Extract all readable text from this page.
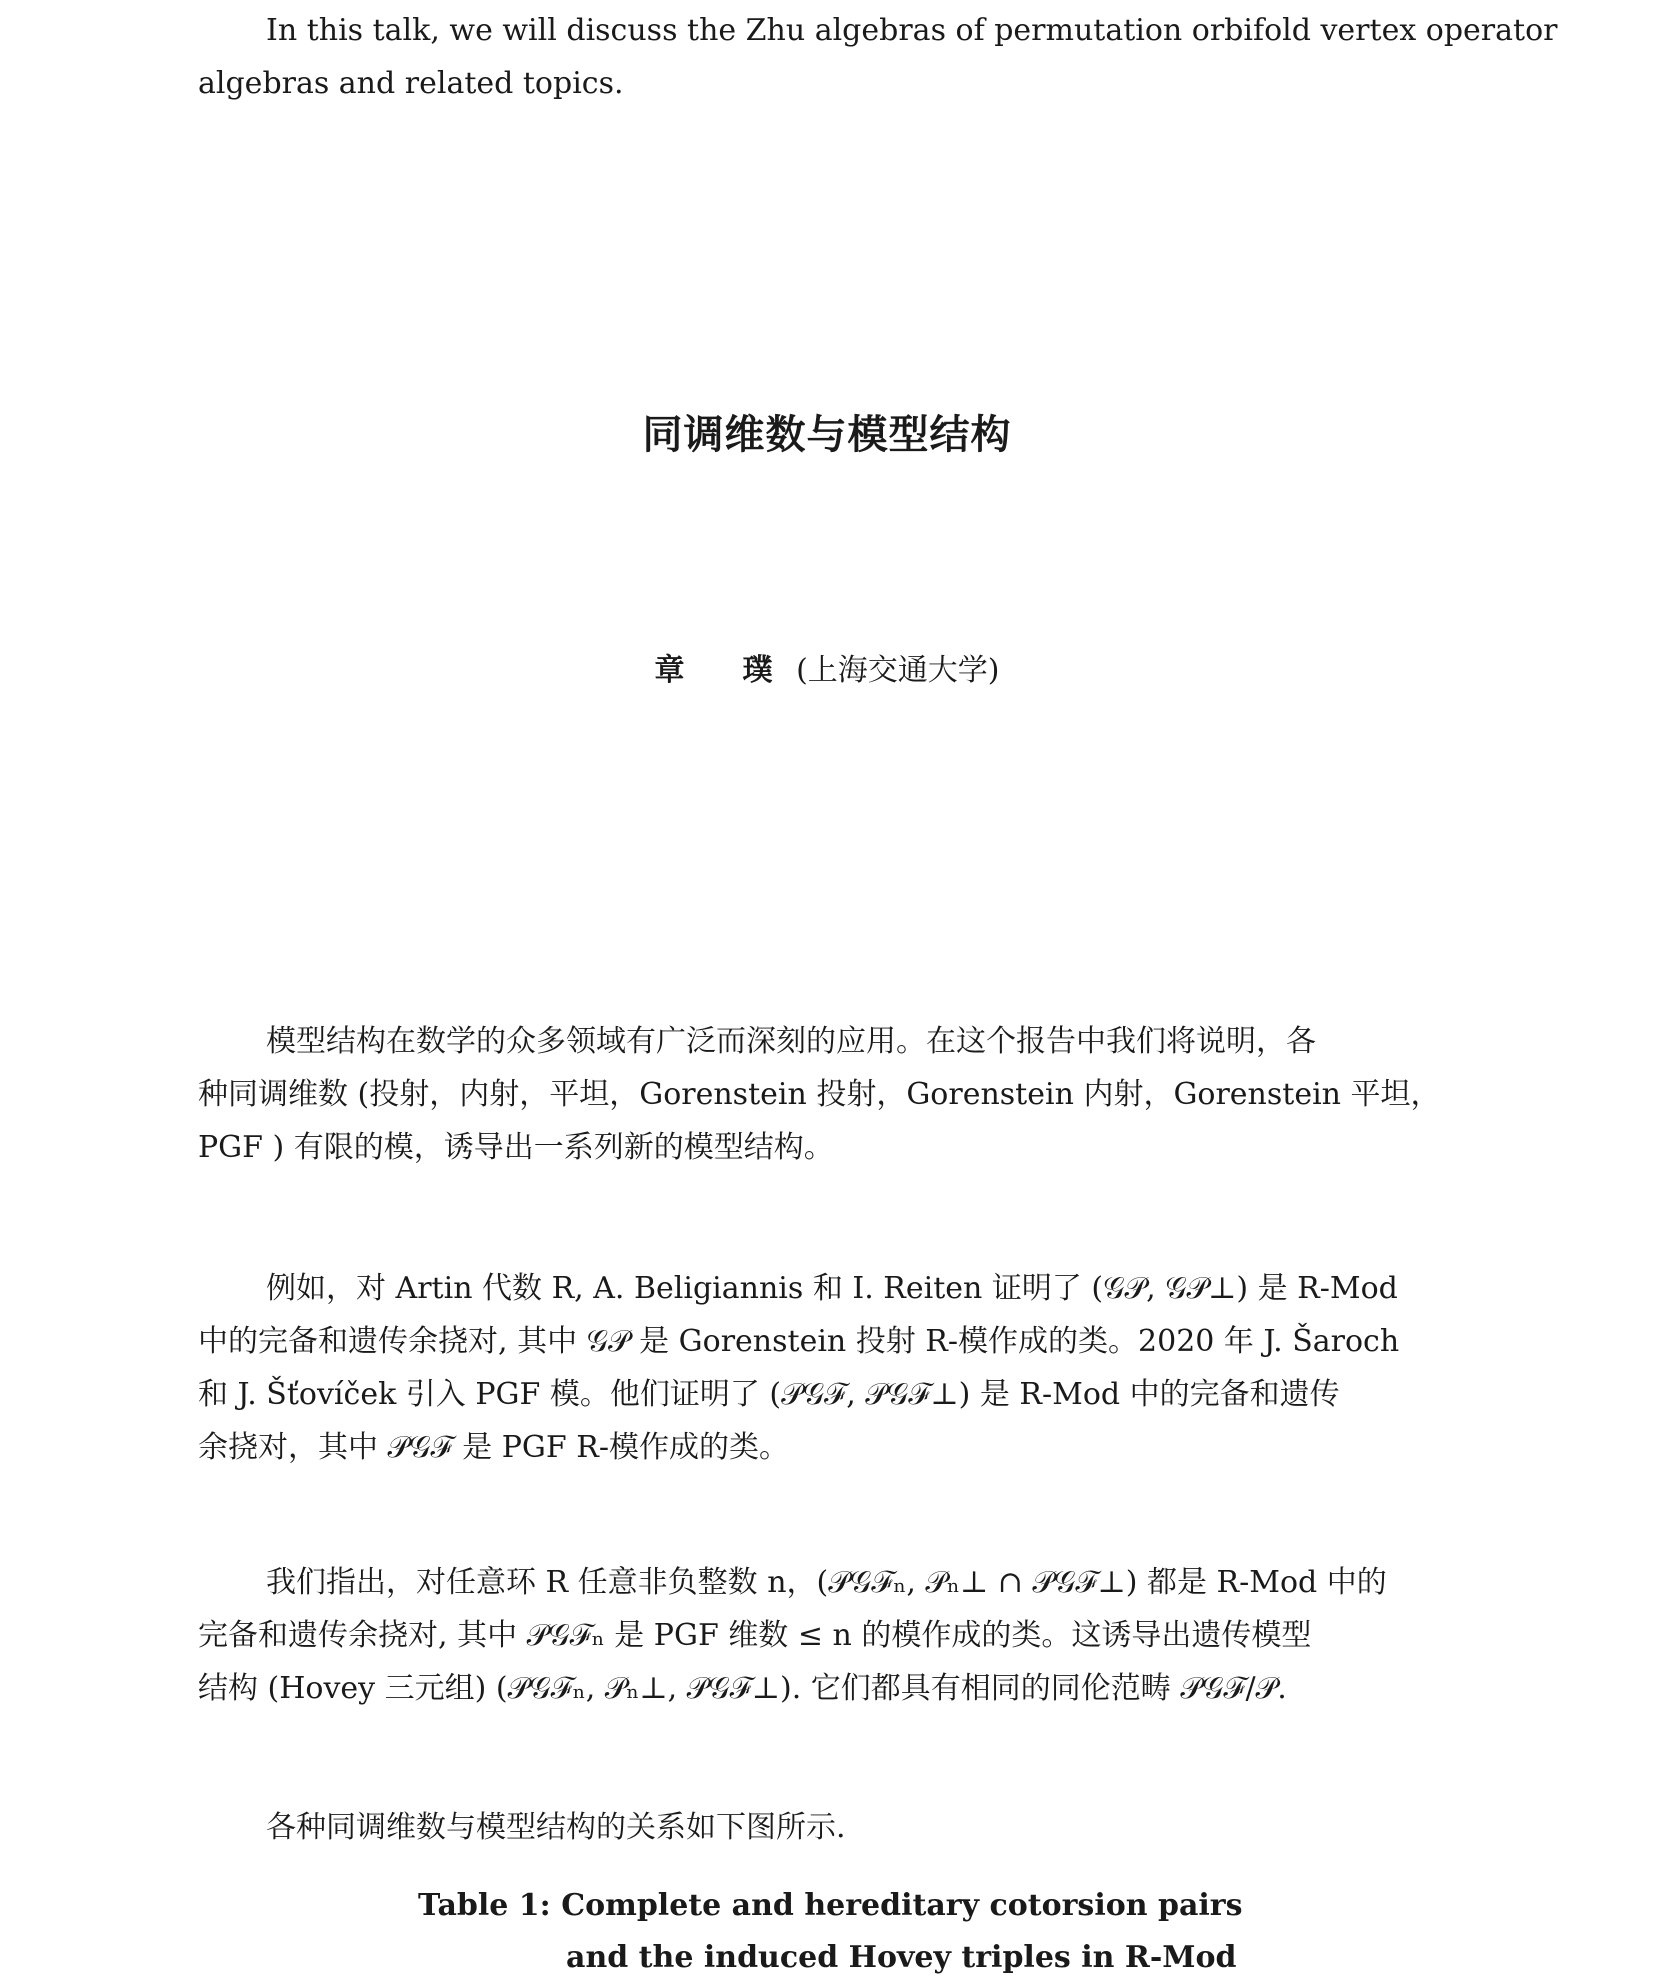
In this talk, we will discuss the Zhu algebras of permutation orbifold vertex operator
algebras and related topics.

同调维数与模型结构

章　璞 (上海交通大学)

模型结构在数学的众多领域有广泛而深刻的应用。在这个报告中我们将说明，各
种同调维数 (投射，内射，平坦，Gorenstein 投射，Gorenstein 内射，Gorenstein 平坦，
PGF ) 有限的模，诱导出一系列新的模型结构。

例如，对 Artin 代数 R, A. Beligiannis 和 I. Reiten 证明了 (𝒢𝒫, 𝒢𝒫⊥) 是 R-Mod
中的完备和遗传余挠对, 其中 𝒢𝒫 是 Gorenstein 投射 R-模作成的类。2020 年 J. Šaroch
和 J. Šťovíček 引入 PGF 模。他们证明了 (𝒫𝒢ℱ, 𝒫𝒢ℱ⊥) 是 R-Mod 中的完备和遗传
余挠对，其中 𝒫𝒢ℱ 是 PGF R-模作成的类。

我们指出，对任意环 R 任意非负整数 n，(𝒫𝒢ℱₙ, 𝒫ₙ⊥ ∩ 𝒫𝒢ℱ⊥) 都是 R-Mod 中的
完备和遗传余挠对, 其中 𝒫𝒢ℱₙ 是 PGF 维数 ≤ n 的模作成的类。这诱导出遗传模型
结构 (Hovey 三元组) (𝒫𝒢ℱₙ, 𝒫ₙ⊥, 𝒫𝒢ℱ⊥). 它们都具有相同的同伦范畴 𝒫𝒢ℱ/𝒫.

各种同调维数与模型结构的关系如下图所示.

Table 1: Complete and hereditary cotorsion pairs
and the induced Hovey triples in R-Mod
